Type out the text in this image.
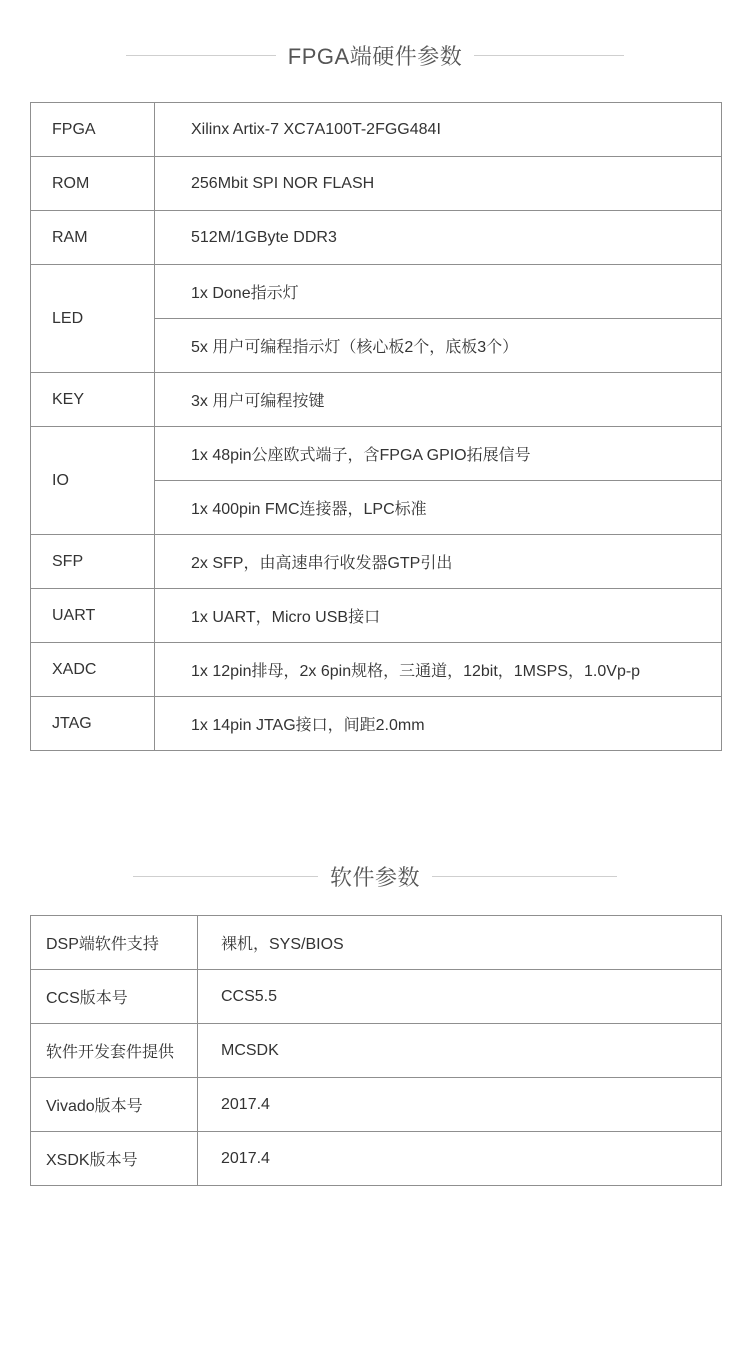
FPGA端硬件参数
FPGA	Xilinx Artix-7 XC7A100T-2FGG484I
ROM	256Mbit SPI NOR FLASH
RAM	512M/1GByte DDR3
LED	1x Done指示灯
	5x 用户可编程指示灯（核心板2个，底板3个）
KEY	3x 用户可编程按键
IO	1x 48pin公座欧式端子，含FPGA GPIO拓展信号
	1x 400pin FMC连接器，LPC标准
SFP	2x SFP，由高速串行收发器GTP引出
UART	1x UART，Micro USB接口
XADC	1x 12pin排母，2x 6pin规格，三通道，12bit，1MSPS，1.0Vp-p
JTAG	1x 14pin JTAG接口，间距2.0mm
软件参数
DSP端软件支持	裸机，SYS/BIOS
CCS版本号	CCS5.5
软件开发套件提供	MCSDK
Vivado版本号	2017.4
XSDK版本号	2017.4
